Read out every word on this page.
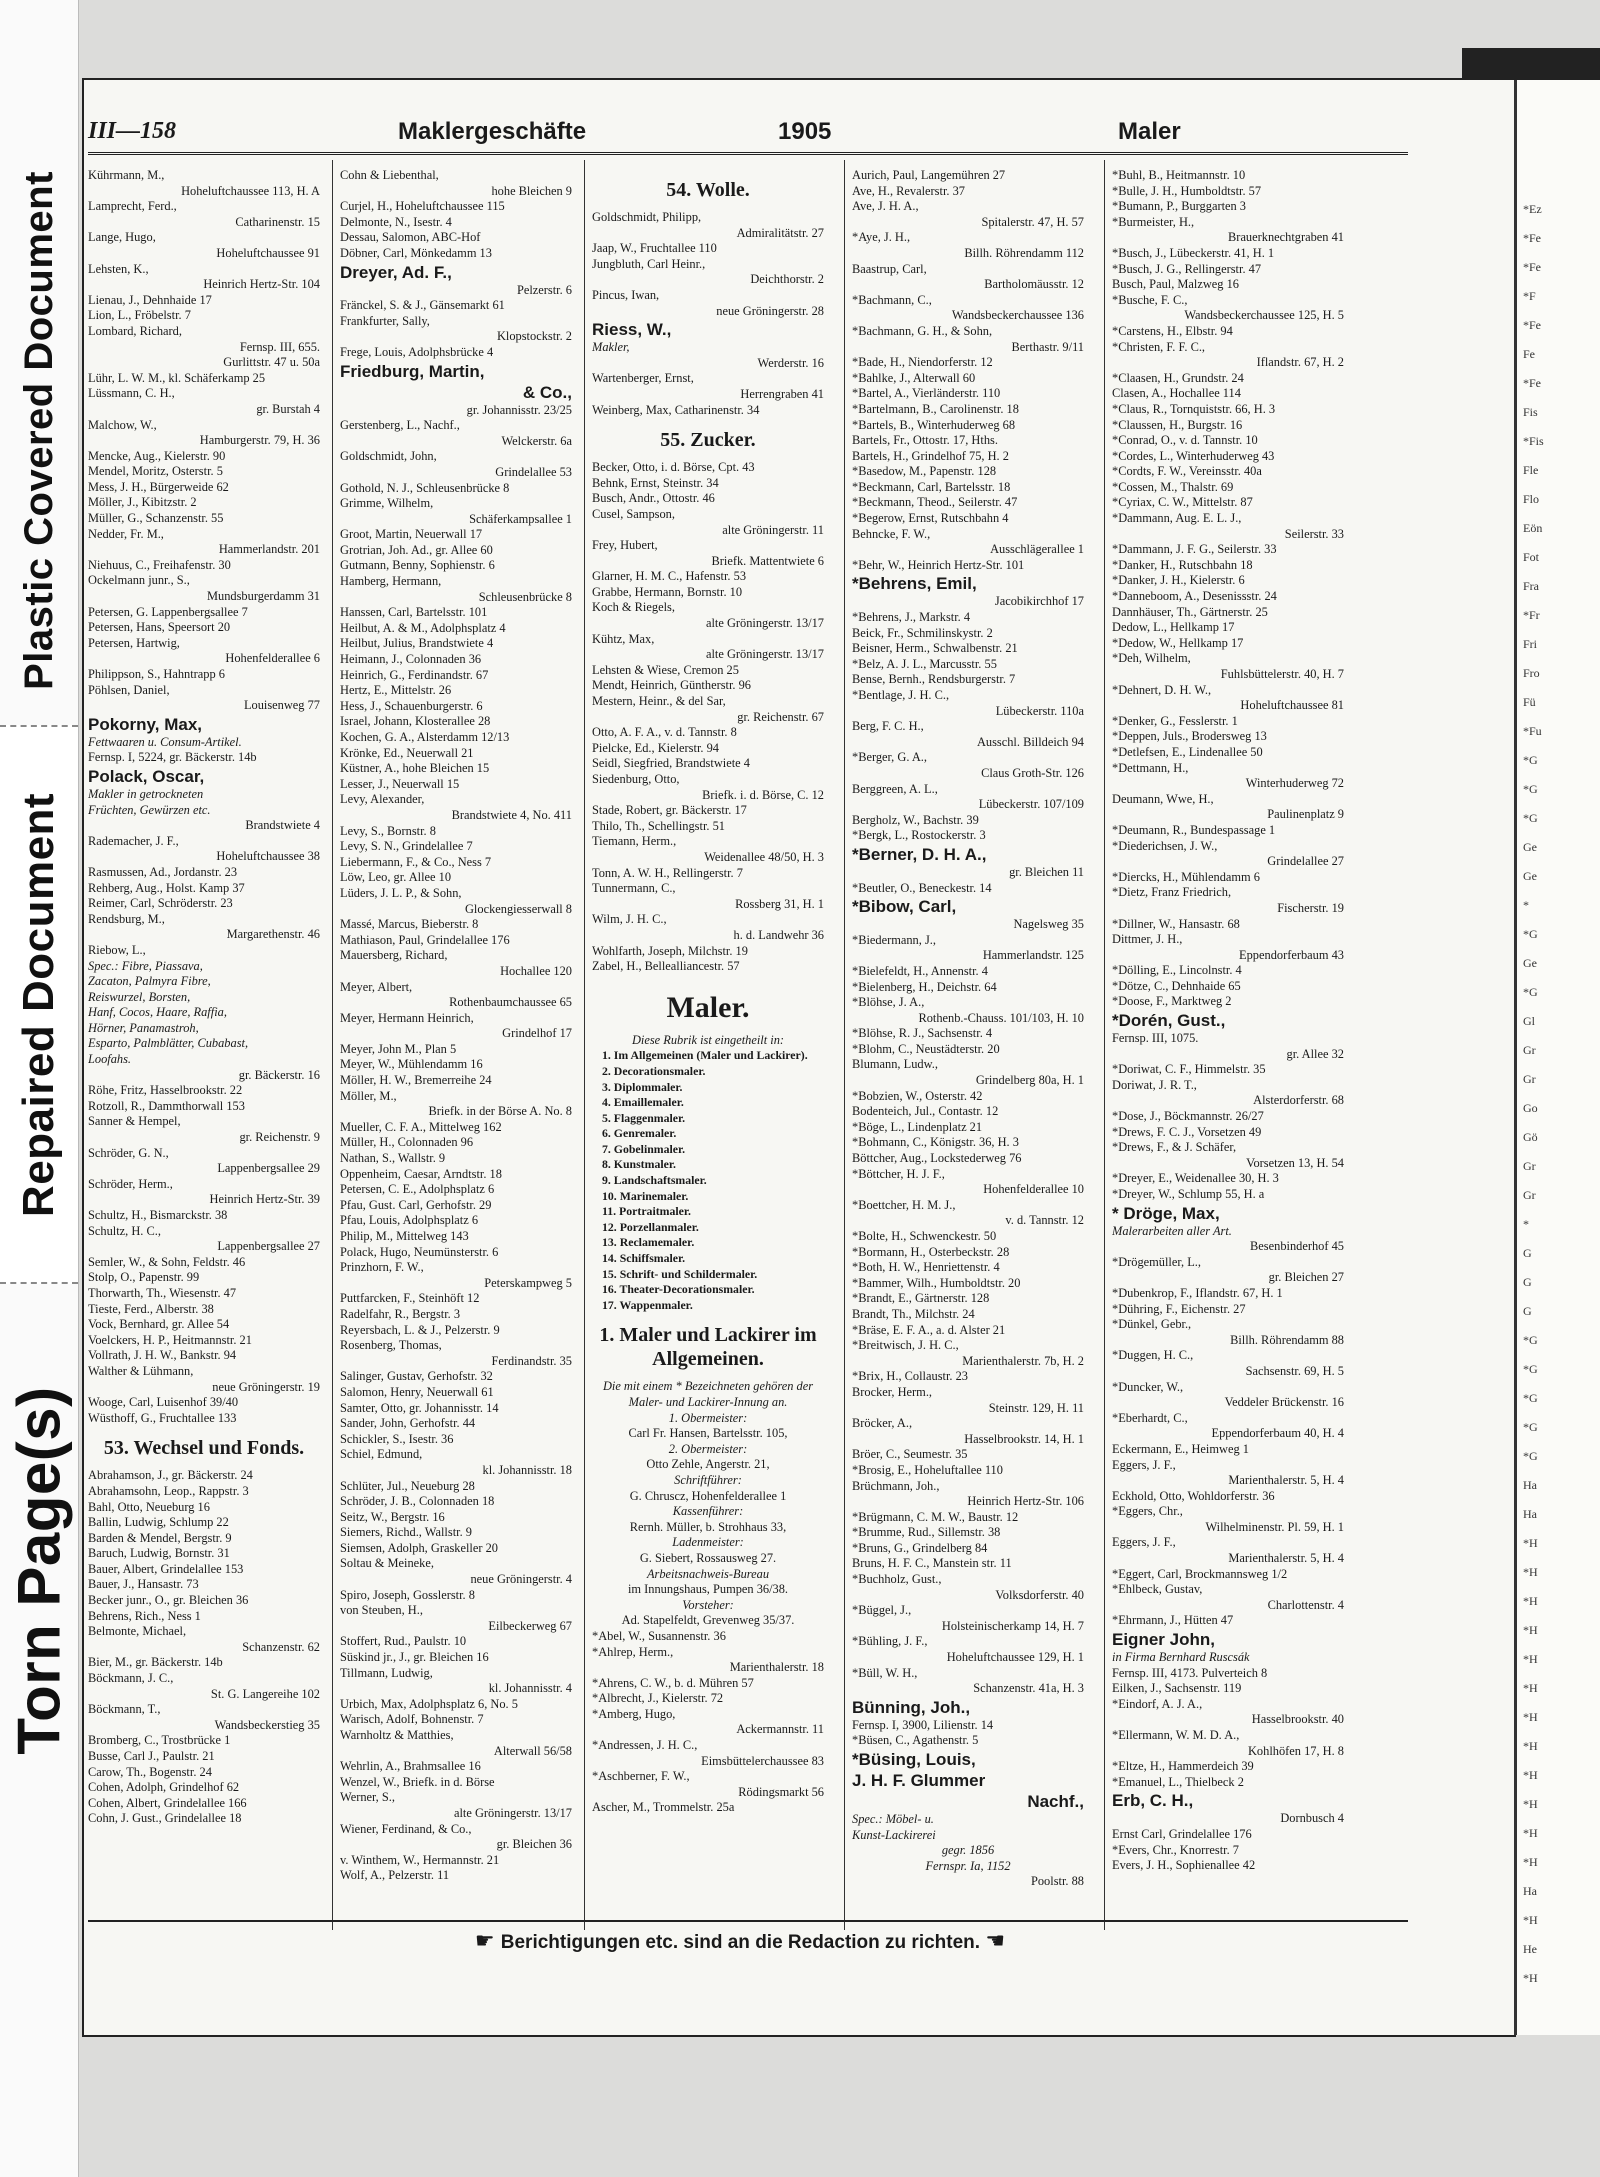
Plastic Covered Document
Repaired Document
Torn Page(s)
*Ez
*Fe
*Fe
*F
*Fe
Fe
*Fe
Fis
*Fis
Fle
Flo
Eön
Fot
Fra
*Fr
Fri
Fro
Fü
*Fu
*G
*G
*G
Ge
Ge
*
*G
Ge
*G
Gl
Gr
Gr
Go
Gö
Gr
Gr
*
G
G
G
*G
*G
*G
*G
*G
Ha
Ha
*H
*H
*H
*H
*H
*H
*H
*H
*H
*H
*H
*H
Ha
*H
He
*H
III—158	Maklergeschäfte	1905	Maler
Kührmann, M.,
Hoheluftchaussee 113, H. A
Lamprecht, Ferd.,
Catharinenstr. 15
Lange, Hugo,
Hoheluftchaussee 91
Lehsten, K.,
Heinrich Hertz-Str. 104
Lienau, J., Dehnhaide 17
Lion, L., Fröbelstr. 7
Lombard, Richard,
Fernsp. III, 655.
Gurlittstr. 47 u. 50a
Lühr, L. W. M., kl. Schäferkamp 25
Lüssmann, C. H.,
gr. Burstah 4
Malchow, W.,
Hamburgerstr. 79, H. 36
Mencke, Aug., Kielerstr. 90
Mendel, Moritz, Osterstr. 5
Mess, J. H., Bürgerweide 62
Möller, J., Kibitzstr. 2
Müller, G., Schanzenstr. 55
Nedder, Fr. M.,
Hammerlandstr. 201
Niehuus, C., Freihafenstr. 30
Ockelmann junr., S.,
Mundsburgerdamm 31
Petersen, G. Lappenbergsallee 7
Petersen, Hans, Speersort 20
Petersen, Hartwig,
Hohenfelderallee 6
Philippson, S., Hahntrapp 6
Pöhlsen, Daniel,
Louisenweg 77
Pokorny, Max,
Fettwaaren u. Consum-Artikel.
Fernsp. I, 5224, gr. Bäckerstr. 14b
Polack, Oscar,
Makler in getrockneten
Früchten, Gewürzen etc.
Brandstwiete 4
Rademacher, J. F.,
Hoheluftchaussee 38
Rasmussen, Ad., Jordanstr. 23
Rehberg, Aug., Holst. Kamp 37
Reimer, Carl, Schröderstr. 23
Rendsburg, M.,
Margarethenstr. 46
Riebow, L.,
Spec.: Fibre, Piassava,
Zacaton, Palmyra Fibre,
Reiswurzel, Borsten,
Hanf, Cocos, Haare, Raffia,
Hörner, Panamastroh,
Esparto, Palmblätter, Cubabast,
Loofahs.
gr. Bäckerstr. 16
Röhe, Fritz, Hasselbrookstr. 22
Rotzoll, R., Dammthorwall 153
Sanner & Hempel,
gr. Reichenstr. 9
Schröder, G. N.,
Lappenbergsallee 29
Schröder, Herm.,
Heinrich Hertz-Str. 39
Schultz, H., Bismarckstr. 38
Schultz, H. C.,
Lappenbergsallee 27
Semler, W., & Sohn, Feldstr. 46
Stolp, O., Papenstr. 99
Thorwarth, Th., Wiesenstr. 47
Tieste, Ferd., Alberstr. 38
Vock, Bernhard, gr. Allee 54
Voelckers, H. P., Heitmannstr. 21
Vollrath, J. H. W., Bankstr. 94
Walther & Lühmann,
neue Gröningerstr. 19
Wooge, Carl, Luisenhof 39/40
Wüsthoff, G., Fruchtallee 133
53. Wechsel und Fonds.
Abrahamson, J., gr. Bäckerstr. 24
Abrahamsohn, Leop., Rappstr. 3
Bahl, Otto, Neueburg 16
Ballin, Ludwig, Schlump 22
Barden & Mendel, Bergstr. 9
Baruch, Ludwig, Bornstr. 31
Bauer, Albert, Grindelallee 153
Bauer, J., Hansastr. 73
Becker junr., O., gr. Bleichen 36
Behrens, Rich., Ness 1
Belmonte, Michael,
Schanzenstr. 62
Bier, M., gr. Bäckerstr. 14b
Böckmann, J. C.,
St. G. Langereihe 102
Böckmann, T.,
Wandsbeckerstieg 35
Bromberg, C., Trostbrücke 1
Busse, Carl J., Paulstr. 21
Carow, Th., Bogenstr. 24
Cohen, Adolph, Grindelhof 62
Cohen, Albert, Grindelallee 166
Cohn, J. Gust., Grindelallee 18
Cohn & Liebenthal,
hohe Bleichen 9
Curjel, H., Hoheluftchaussee 115
Delmonte, N., Isestr. 4
Dessau, Salomon, ABC-Hof
Döbner, Carl, Mönkedamm 13
Dreyer, Ad. F.,
Pelzerstr. 6
Fränckel, S. & J., Gänsemarkt 61
Frankfurter, Sally,
Klopstockstr. 2
Frege, Louis, Adolphsbrücke 4
Friedburg, Martin,
& Co.,
gr. Johannisstr. 23/25
Gerstenberg, L., Nachf.,
Welckerstr. 6a
Goldschmidt, John,
Grindelallee 53
Gothold, N. J., Schleusenbrücke 8
Grimme, Wilhelm,
Schäferkampsallee 1
Groot, Martin, Neuerwall 17
Grotrian, Joh. Ad., gr. Allee 60
Gutmann, Benny, Sophienstr. 6
Hamberg, Hermann,
Schleusenbrücke 8
Hanssen, Carl, Bartelsstr. 101
Heilbut, A. & M., Adolphsplatz 4
Heilbut, Julius, Brandstwiete 4
Heimann, J., Colonnaden 36
Heinrich, G., Ferdinandstr. 67
Hertz, E., Mittelstr. 26
Hess, J., Schauenburgerstr. 6
Israel, Johann, Klosterallee 28
Kochen, G. A., Alsterdamm 12/13
Krönke, Ed., Neuerwall 21
Küstner, A., hohe Bleichen 15
Lesser, J., Neuerwall 15
Levy, Alexander,
Brandstwiete 4, No. 411
Levy, S., Bornstr. 8
Levy, S. N., Grindelallee 7
Liebermann, F., & Co., Ness 7
Löw, Leo, gr. Allee 10
Lüders, J. L. P., & Sohn,
Glockengiesserwall 8
Massé, Marcus, Bieberstr. 8
Mathiason, Paul, Grindelallee 176
Mauersberg, Richard,
Hochallee 120
Meyer, Albert,
Rothenbaumchaussee 65
Meyer, Hermann Heinrich,
Grindelhof 17
Meyer, John M., Plan 5
Meyer, W., Mühlendamm 16
Möller, H. W., Bremerreihe 24
Möller, M.,
Briefk. in der Börse A. No. 8
Mueller, C. F. A., Mittelweg 162
Müller, H., Colonnaden 96
Nathan, S., Wallstr. 9
Oppenheim, Caesar, Arndtstr. 18
Petersen, C. E., Adolphsplatz 6
Pfau, Gust. Carl, Gerhofstr. 29
Pfau, Louis, Adolphsplatz 6
Philip, M., Mittelweg 143
Polack, Hugo, Neumünsterstr. 6
Prinzhorn, F. W.,
Peterskampweg 5
Puttfarcken, F., Steinhöft 12
Radelfahr, R., Bergstr. 3
Reyersbach, L. & J., Pelzerstr. 9
Rosenberg, Thomas,
Ferdinandstr. 35
Salinger, Gustav, Gerhofstr. 32
Salomon, Henry, Neuerwall 61
Samter, Otto, gr. Johannisstr. 14
Sander, John, Gerhofstr. 44
Schickler, S., Isestr. 36
Schiel, Edmund,
kl. Johannisstr. 18
Schlüter, Jul., Neueburg 28
Schröder, J. B., Colonnaden 18
Seitz, W., Bergstr. 16
Siemers, Richd., Wallstr. 9
Siemsen, Adolph, Graskeller 20
Soltau & Meineke,
neue Gröningerstr. 4
Spiro, Joseph, Gosslerstr. 8
von Steuben, H.,
Eilbeckerweg 67
Stoffert, Rud., Paulstr. 10
Süskind jr., J., gr. Bleichen 16
Tillmann, Ludwig,
kl. Johannisstr. 4
Urbich, Max, Adolphsplatz 6, No. 5
Warisch, Adolf, Bohnenstr. 7
Warnholtz & Matthies,
Alterwall 56/58
Wehrlin, A., Brahmsallee 16
Wenzel, W., Briefk. in d. Börse
Werner, S.,
alte Gröningerstr. 13/17
Wiener, Ferdinand, & Co.,
gr. Bleichen 36
v. Winthem, W., Hermannstr. 21
Wolf, A., Pelzerstr. 11
54. Wolle.
Goldschmidt, Philipp,
Admiralitätstr. 27
Jaap, W., Fruchtallee 110
Jungbluth, Carl Heinr.,
Deichthorstr. 2
Pincus, Iwan,
neue Gröningerstr. 28
Riess, W.,
Makler,
Werderstr. 16
Wartenberger, Ernst,
Herrengraben 41
Weinberg, Max, Catharinenstr. 34
55. Zucker.
Becker, Otto, i. d. Börse, Cpt. 43
Behnk, Ernst, Steinstr. 34
Busch, Andr., Ottostr. 46
Cusel, Sampson,
alte Gröningerstr. 11
Frey, Hubert,
Briefk. Mattentwiete 6
Glarner, H. M. C., Hafenstr. 53
Grabbe, Hermann, Bornstr. 10
Koch & Riegels,
alte Gröningerstr. 13/17
Kühtz, Max,
alte Gröningerstr. 13/17
Lehsten & Wiese, Cremon 25
Mendt, Heinrich, Güntherstr. 96
Mestern, Heinr., & del Sar,
gr. Reichenstr. 67
Otto, A. F. A., v. d. Tannstr. 8
Pielcke, Ed., Kielerstr. 94
Seidl, Siegfried, Brandstwiete 4
Siedenburg, Otto,
Briefk. i. d. Börse, C. 12
Stade, Robert, gr. Bäckerstr. 17
Thilo, Th., Schellingstr. 51
Tiemann, Herm.,
Weidenallee 48/50, H. 3
Tonn, A. W. H., Rellingerstr. 7
Tunnermann, C.,
Rossberg 31, H. 1
Wilm, J. H. C.,
h. d. Landwehr 36
Wohlfarth, Joseph, Milchstr. 19
Zabel, H., Bellealliancestr. 57
Maler.
Diese Rubrik ist eingetheilt in:
1. Im Allgemeinen (Maler und Lackirer).
2. Decorationsmaler.
3. Diplommaler.
4. Emaillemaler.
5. Flaggenmaler.
6. Genremaler.
7. Gobelinmaler.
8. Kunstmaler.
9. Landschaftsmaler.
10. Marinemaler.
11. Portraitmaler.
12. Porzellanmaler.
13. Reclamemaler.
14. Schiffsmaler.
15. Schrift- und Schildermaler.
16. Theater-Decorationsmaler.
17. Wappenmaler.
1. Maler und Lackirer im Allgemeinen.
Die mit einem * Bezeichneten gehören der Maler- und Lackirer-Innung an.
1. Obermeister:
Carl Fr. Hansen, Bartelsstr. 105,
2. Obermeister:
Otto Zehle, Angerstr. 21,
Schriftführer:
G. Chruscz, Hohenfelderallee 1
Kassenführer:
Rernh. Müller, b. Strohhaus 33,
Ladenmeister:
G. Siebert, Rossausweg 27.
Arbeitsnachweis-Bureau
im Innungshaus, Pumpen 36/38.
Vorsteher:
Ad. Stapelfeldt, Grevenweg 35/37.
*Abel, W., Susannenstr. 36
*Ahlrep, Herm.,
Marienthalerstr. 18
*Ahrens, C. W., b. d. Mühren 57
*Albrecht, J., Kielerstr. 72
*Amberg, Hugo,
Ackermannstr. 11
*Andressen, J. H. C.,
Eimsbüttelerchaussee 83
*Aschberner, F. W.,
Rödingsmarkt 56
Ascher, M., Trommelstr. 25a
Aurich, Paul, Langemühren 27
Ave, H., Revalerstr. 37
Ave, J. H. A.,
Spitalerstr. 47, H. 57
*Aye, J. H.,
Billh. Röhrendamm 112
Baastrup, Carl,
Bartholomäusstr. 12
*Bachmann, C.,
Wandsbeckerchaussee 136
*Bachmann, G. H., & Sohn,
Berthastr. 9/11
*Bade, H., Niendorferstr. 12
*Bahlke, J., Alterwall 60
*Bartel, A., Vierländerstr. 110
*Bartelmann, B., Carolinenstr. 18
*Bartels, B., Winterhuderweg 68
Bartels, Fr., Ottostr. 17, Hths.
Bartels, H., Grindelhof 75, H. 2
*Basedow, M., Papenstr. 128
*Beckmann, Carl, Bartelsstr. 18
*Beckmann, Theod., Seilerstr. 47
*Begerow, Ernst, Rutschbahn 4
Behncke, F. W.,
Ausschlägerallee 1
*Behr, W., Heinrich Hertz-Str. 101
*Behrens, Emil,
Jacobikirchhof 17
*Behrens, J., Markstr. 4
Beick, Fr., Schmilinskystr. 2
Beisner, Herm., Schwalbenstr. 21
*Belz, A. J. L., Marcusstr. 55
Bense, Bernh., Rendsburgerstr. 7
*Bentlage, J. H. C.,
Lübeckerstr. 110a
Berg, F. C. H.,
Ausschl. Billdeich 94
*Berger, G. A.,
Claus Groth-Str. 126
Berggreen, A. L.,
Lübeckerstr. 107/109
Bergholz, W., Bachstr. 39
*Bergk, L., Rostockerstr. 3
*Berner, D. H. A.,
gr. Bleichen 11
*Beutler, O., Beneckestr. 14
*Bibow, Carl,
Nagelsweg 35
*Biedermann, J.,
Hammerlandstr. 125
*Bielefeldt, H., Annenstr. 4
*Bielenberg, H., Deichstr. 64
*Blöhse, J. A.,
Rothenb.-Chauss. 101/103, H. 10
*Blöhse, R. J., Sachsenstr. 4
*Blohm, C., Neustädterstr. 20
Blumann, Ludw.,
Grindelberg 80a, H. 1
*Bobzien, W., Osterstr. 42
Bodenteich, Jul., Contastr. 12
*Böge, L., Lindenplatz 21
*Bohmann, C., Königstr. 36, H. 3
Böttcher, Aug., Lockstederweg 76
*Böttcher, H. J. F.,
Hohenfelderallee 10
*Boettcher, H. M. J.,
v. d. Tannstr. 12
*Bolte, H., Schwenckestr. 50
*Bormann, H., Osterbeckstr. 28
*Both, H. W., Henriettenstr. 4
*Bammer, Wilh., Humboldtstr. 20
*Brandt, E., Gärtnerstr. 128
Brandt, Th., Milchstr. 24
*Bräse, E. F. A., a. d. Alster 21
*Breitwisch, J. H. C.,
Marienthalerstr. 7b, H. 2
*Brix, H., Collaustr. 23
Brocker, Herm.,
Steinstr. 129, H. 11
Bröcker, A.,
Hasselbrookstr. 14, H. 1
Bröer, C., Seumestr. 35
*Brosig, E., Hoheluftallee 110
Brüchmann, Joh.,
Heinrich Hertz-Str. 106
*Brügmann, C. M. W., Baustr. 12
*Brumme, Rud., Sillemstr. 38
*Bruns, G., Grindelberg 84
Bruns, H. F. C., Manstein str. 11
*Buchholz, Gust.,
Volksdorferstr. 40
*Büggel, J.,
Holsteinischerkamp 14, H. 7
*Bühling, J. F.,
Hoheluftchaussee 129, H. 1
*Büll, W. H.,
Schanzenstr. 41a, H. 3
Bünning, Joh.,
Fernsp. I, 3900, Lilienstr. 14
*Büsen, C., Agathenstr. 5
*Büsing, Louis,
J. H. F. Glummer
Nachf.,
Spec.: Möbel- u.
Kunst-Lackirerei
gegr. 1856
Fernspr. Ia, 1152
Poolstr. 88
*Buhl, B., Heitmannstr. 10
*Bulle, J. H., Humboldtstr. 57
*Bumann, P., Burggarten 3
*Burmeister, H.,
Brauerknechtgraben 41
*Busch, J., Lübeckerstr. 41, H. 1
*Busch, J. G., Rellingerstr. 47
Busch, Paul, Malzweg 16
*Busche, F. C.,
Wandsbeckerchaussee 125, H. 5
*Carstens, H., Elbstr. 94
*Christen, F. F. C.,
Iflandstr. 67, H. 2
*Claasen, H., Grundstr. 24
Clasen, A., Hochallee 114
*Claus, R., Tornquiststr. 66, H. 3
*Claussen, H., Burgstr. 16
*Conrad, O., v. d. Tannstr. 10
*Cordes, L., Winterhuderweg 43
*Cordts, F. W., Vereinsstr. 40a
*Cossen, M., Thalstr. 69
*Cyriax, C. W., Mittelstr. 87
*Dammann, Aug. E. L. J.,
Seilerstr. 33
*Dammann, J. F. G., Seilerstr. 33
*Danker, H., Rutschbahn 18
*Danker, J. H., Kielerstr. 6
*Danneboom, A., Desenissstr. 24
Dannhäuser, Th., Gärtnerstr. 25
Dedow, L., Hellkamp 17
*Dedow, W., Hellkamp 17
*Deh, Wilhelm,
Fuhlsbüttelerstr. 40, H. 7
*Dehnert, D. H. W.,
Hoheluftchaussee 81
*Denker, G., Fesslerstr. 1
*Deppen, Juls., Brodersweg 13
*Detlefsen, E., Lindenallee 50
*Dettmann, H.,
Winterhuderweg 72
Deumann, Wwe, H.,
Paulinenplatz 9
*Deumann, R., Bundespassage 1
*Diederichsen, J. W.,
Grindelallee 27
*Diercks, H., Mühlendamm 6
*Dietz, Franz Friedrich,
Fischerstr. 19
*Dillner, W., Hansastr. 68
Dittmer, J. H.,
Eppendorferbaum 43
*Dölling, E., Lincolnstr. 4
*Dötze, C., Dehnhaide 65
*Doose, F., Marktweg 2
*Dorén, Gust.,
Fernsp. III, 1075.
gr. Allee 32
*Doriwat, C. F., Himmelstr. 35
Doriwat, J. R. T.,
Alsterdorferstr. 68
*Dose, J., Böckmannstr. 26/27
*Drews, F. C. J., Vorsetzen 49
*Drews, F., & J. Schäfer,
Vorsetzen 13, H. 54
*Dreyer, E., Weidenallee 30, H. 3
*Dreyer, W., Schlump 55, H. a
* Dröge, Max,
Malerarbeiten aller Art.
Besenbinderhof 45
*Drögemüller, L.,
gr. Bleichen 27
*Dubenkrop, F., Iflandstr. 67, H. 1
*Dühring, F., Eichenstr. 27
*Dünkel, Gebr.,
Billh. Röhrendamm 88
*Duggen, H. C.,
Sachsenstr. 69, H. 5
*Duncker, W.,
Veddeler Brückenstr. 16
*Eberhardt, C.,
Eppendorferbaum 40, H. 4
Eckermann, E., Heimweg 1
Eggers, J. F.,
Marienthalerstr. 5, H. 4
Eckhold, Otto, Wohldorferstr. 36
*Eggers, Chr.,
Wilhelminenstr. Pl. 59, H. 1
Eggers, J. F.,
Marienthalerstr. 5, H. 4
*Eggert, Carl, Brockmannsweg 1/2
*Ehlbeck, Gustav,
Charlottenstr. 4
*Ehrmann, J., Hütten 47
Eigner John,
in Firma Bernhard Ruscsák
Fernsp. III, 4173. Pulverteich 8
Eilken, J., Sachsenstr. 119
*Eindorf, A. J. A.,
Hasselbrookstr. 40
*Ellermann, W. M. D. A.,
Kohlhöfen 17, H. 8
*Eltze, H., Hammerdeich 39
*Emanuel, L., Thielbeck 2
Erb, C. H.,
Dornbusch 4
Ernst Carl, Grindelallee 176
*Evers, Chr., Knorrestr. 7
Evers, J. H., Sophienallee 42
☛ Berichtigungen etc. sind an die Redaction zu richten. ☚
